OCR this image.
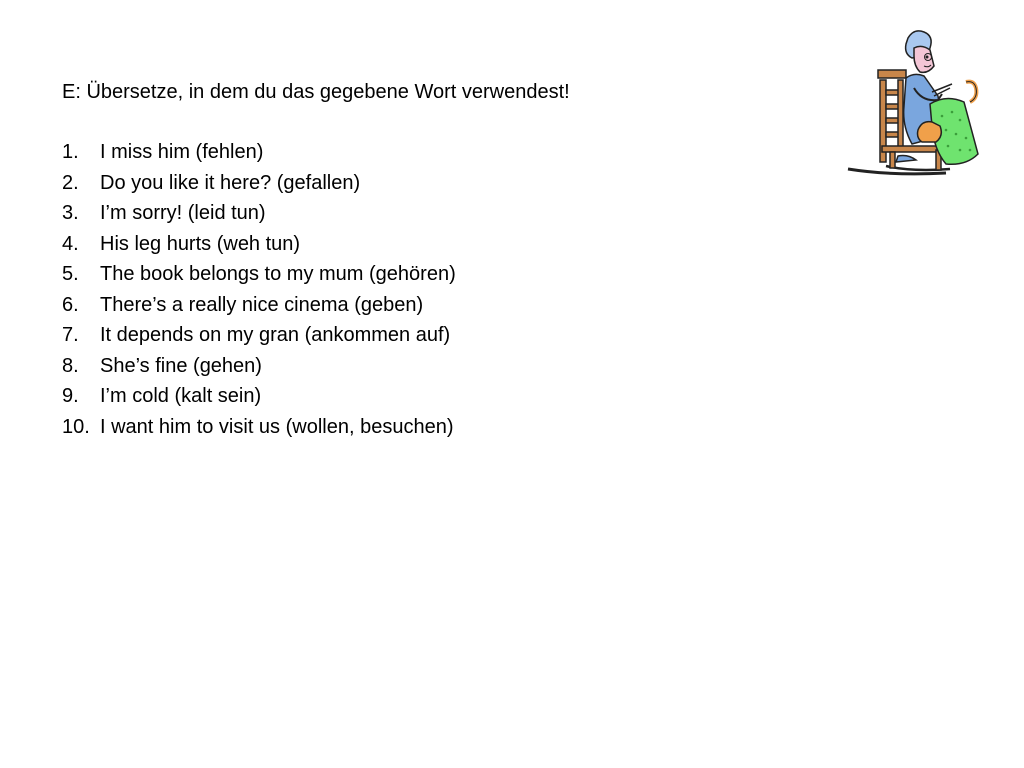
E: Übersetze, in dem du das gegebene Wort verwendest!
1.	I miss him (fehlen)
2.	Do you like it here? (gefallen)
3.	I’m sorry! (leid tun)
4.	His leg hurts (weh tun)
5.	The book belongs to my mum (gehören)
6.	There’s a really nice cinema (geben)
7.	It depends on my gran (ankommen auf)
8.	She’s fine (gehen)
9.	I’m cold (kalt sein)
10. I want him to visit us (wollen, besuchen)
